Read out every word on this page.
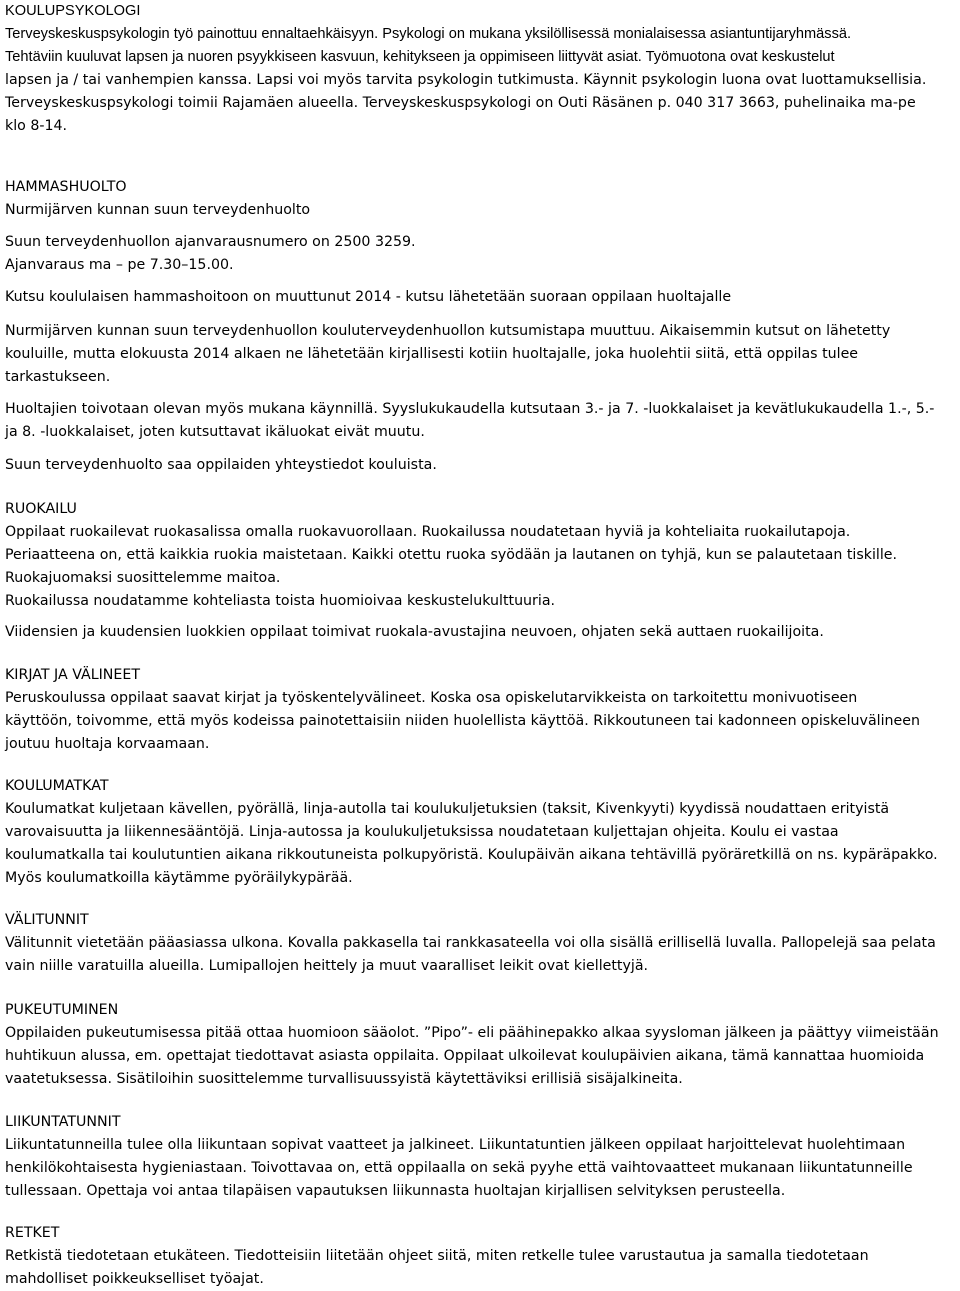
KOULUPSYKOLOGI
Terveyskeskuspsykologin työ painottuu ennaltaehkäisyyn. Psykologi on mukana yksilöllisessä monialaisessa asiantuntijaryhmässä.
Tehtäviin kuuluvat lapsen ja nuoren psyykkiseen kasvuun, kehitykseen ja oppimiseen liittyvät asiat. Työmuotona ovat keskustelut
lapsen ja / tai vanhempien kanssa. Lapsi voi myös tarvita psykologin tutkimusta. Käynnit psykologin luona ovat luottamuksellisia.
Terveyskeskuspsykologi toimii Rajamäen alueella. Terveyskeskuspsykologi on Outi Räsänen p. 040 317 3663, puhelinaika ma-pe
klo 8-14.
HAMMASHUOLTO
Nurmijärven kunnan suun terveydenhuolto
Suun terveydenhuollon ajanvarausnumero on 2500 3259.
Ajanvaraus ma – pe 7.30–15.00.
Kutsu koululaisen hammashoitoon on muuttunut 2014 - kutsu lähetetään suoraan oppilaan huoltajalle
Nurmijärven kunnan suun terveydenhuollon kouluterveydenhuollon kutsumistapa muuttuu. Aikaisemmin kutsut on lähetetty
kouluille, mutta elokuusta 2014 alkaen ne lähetetään kirjallisesti kotiin huoltajalle, joka huolehtii siitä, että oppilas tulee
tarkastukseen.
Huoltajien toivotaan olevan myös mukana käynnillä. Syyslukukaudella kutsutaan 3.- ja 7. -luokkalaiset ja kevätlukukaudella 1.-, 5.-
ja 8. -luokkalaiset, joten kutsuttavat ikäluokat eivät muutu.
Suun terveydenhuolto saa oppilaiden yhteystiedot kouluista.
RUOKAILU
Oppilaat ruokailevat ruokasalissa omalla ruokavuorollaan. Ruokailussa noudatetaan hyviä ja kohteliaita ruokailutapoja.
Periaatteena on, että kaikkia ruokia maistetaan. Kaikki otettu ruoka syödään ja lautanen on tyhjä, kun se palautetaan tiskille.
Ruokajuomaksi suosittelemme maitoa.
Ruokailussa noudatamme kohteliasta toista huomioivaa keskustelukulttuuria.
Viidensien ja kuudensien luokkien oppilaat toimivat ruokala-avustajina neuvoen, ohjaten sekä auttaen ruokailijoita.
KIRJAT JA VÄLINEET
Peruskoulussa oppilaat saavat kirjat ja työskentelyvälineet. Koska osa opiskelutarvikkeista on tarkoitettu monivuotiseen
käyttöön, toivomme, että myös kodeissa painotettaisiin niiden huolellista käyttöä. Rikkoutuneen tai kadonneen opiskeluvälineen
joutuu huoltaja korvaamaan.
KOULUMATKAT
Koulumatkat kuljetaan kävellen, pyörällä, linja-autolla tai koulukuljetuksien (taksit, Kivenkyyti) kyydissä noudattaen erityistä
varovaisuutta ja liikennesääntöjä. Linja-autossa ja koulukuljetuksissa noudatetaan kuljettajan ohjeita. Koulu ei vastaa
koulumatkalla tai koulutuntien aikana rikkoutuneista polkupyöristä. Koulupäivän aikana tehtävillä pyöräretkillä on ns. kypäräpakko.
Myös koulumatkoilla käytämme pyöräilykypärää.
VÄLITUNNIT
Välitunnit vietetään pääasiassa ulkona. Kovalla pakkasella tai rankkasateella voi olla sisällä erillisellä luvalla. Pallopelejä saa pelata
vain niille varatuilla alueilla. Lumipallojen heittely ja muut vaaralliset leikit ovat kiellettyjä.
PUKEUTUMINEN
Oppilaiden pukeutumisessa pitää ottaa huomioon sääolot. ”Pipo”- eli päähinepakko alkaa syysloman jälkeen ja päättyy viimeistään
huhtikuun alussa, em. opettajat tiedottavat asiasta oppilaita. Oppilaat ulkoilevat koulupäivien aikana, tämä kannattaa huomioida
vaatetuksessa. Sisätiloihin suosittelemme turvallisuussyistä käytettäviksi erillisiä sisäjalkineita.
LIIKUNTATUNNIT
Liikuntatunneilla tulee olla liikuntaan sopivat vaatteet ja jalkineet. Liikuntatuntien jälkeen oppilaat harjoittelevat huolehtimaan
henkilökohtaisesta hygieniastaan. Toivottavaa on, että oppilaalla on sekä pyyhe että vaihtovaatteet mukanaan liikuntatunneille
tullessaan. Opettaja voi antaa tilapäisen vapautuksen liikunnasta huoltajan kirjallisen selvityksen perusteella.
RETKET
Retkistä tiedotetaan etukäteen. Tiedotteisiin liitetään ohjeet siitä, miten retkelle tulee varustautua ja samalla tiedotetaan
mahdolliset poikkeukselliset työajat.
